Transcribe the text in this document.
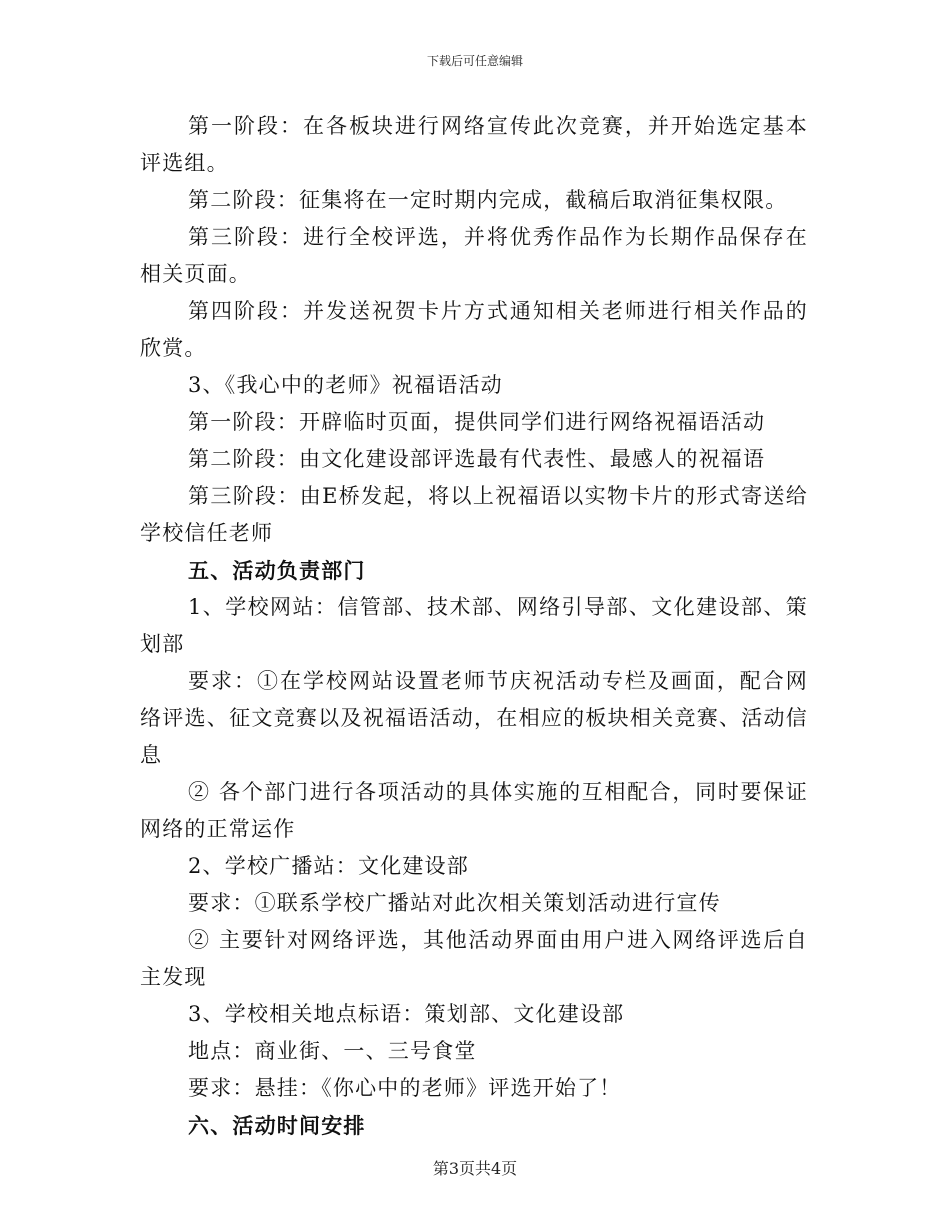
下载后可任意编辑

第一阶段：在各板块进行网络宣传此次竞赛，并开始选定基本评选组。

第二阶段：征集将在一定时期内完成，截稿后取消征集权限。

第三阶段：进行全校评选，并将优秀作品作为长期作品保存在相关页面。

第四阶段：并发送祝贺卡片方式通知相关老师进行相关作品的欣赏。

3、《我心中的老师》祝福语活动

第一阶段：开辟临时页面，提供同学们进行网络祝福语活动

第二阶段：由文化建设部评选最有代表性、最感人的祝福语

第三阶段：由E桥发起，将以上祝福语以实物卡片的形式寄送给学校信任老师

五、活动负责部门

1、学校网站：信管部、技术部、网络引导部、文化建设部、策划部

要求：①在学校网站设置老师节庆祝活动专栏及画面，配合网络评选、征文竞赛以及祝福语活动，在相应的板块相关竞赛、活动信息

② 各个部门进行各项活动的具体实施的互相配合，同时要保证网络的正常运作

2、学校广播站：文化建设部

要求：①联系学校广播站对此次相关策划活动进行宣传

② 主要针对网络评选，其他活动界面由用户进入网络评选后自主发现

3、学校相关地点标语：策划部、文化建设部

地点：商业街、一、三号食堂

要求：悬挂：《你心中的老师》评选开始了！

六、活动时间安排

第3页共4页
